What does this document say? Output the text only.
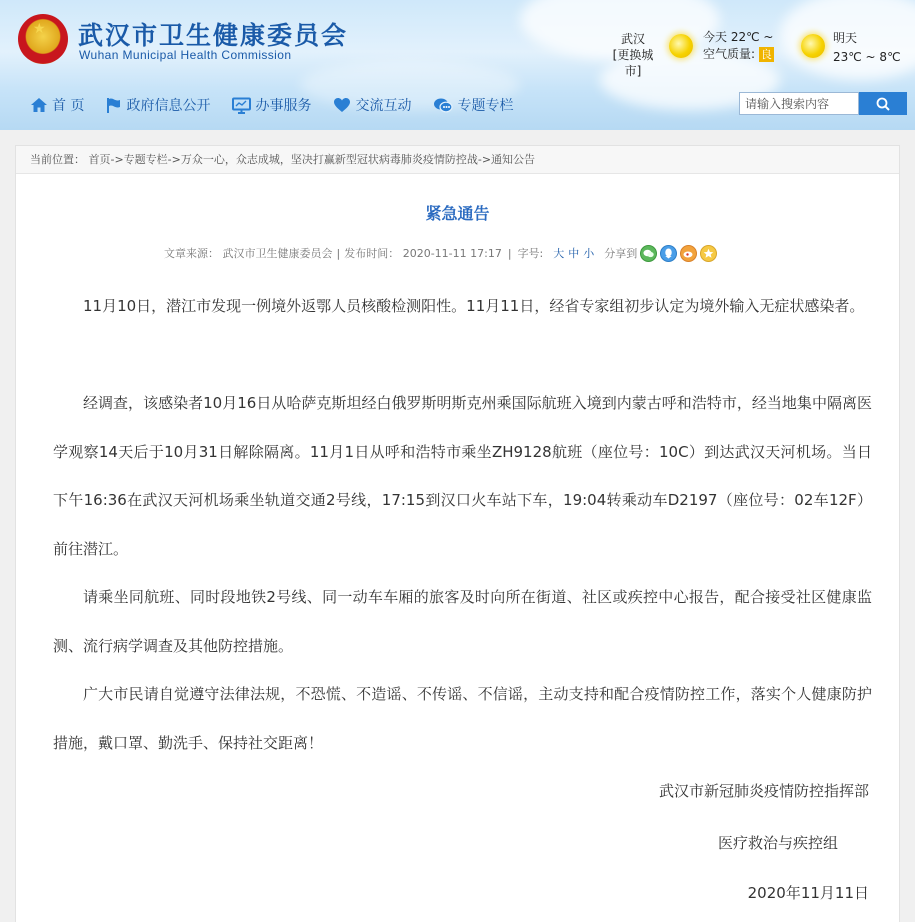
★ 武汉市卫生健康委员会
Wuhan Municipal Health Commission
武汉
[更换城市]
今天 22℃ ~
空气质量: 良
明天
23℃ ~ 8℃
首 页	政府信息公开	办事服务	交流互动	专题专栏
请输入搜索内容
当前位置： 首页->专题专栏->万众一心，众志成城，坚决打赢新型冠状病毒肺炎疫情防控战->通知公告
紧急通告
文章来源： 武汉市卫生健康委员会 | 发布时间： 2020-11-11 17:17 | 字号: 大 中 小 分享到
11月10日，潜江市发现一例境外返鄂人员核酸检测阳性。11月11日，经省专家组初步认定为境外输入无症状感染者。
经调查，该感染者10月16日从哈萨克斯坦经白俄罗斯明斯克州乘国际航班入境到内蒙古呼和浩特市，经当地集中隔离医学观察14天后于10月31日解除隔离。11月1日从呼和浩特市乘坐ZH9128航班（座位号：10C）到达武汉天河机场。当日下午16:36在武汉天河机场乘坐轨道交通2号线，17:15到汉口火车站下车，19:04转乘动车D2197（座位号：02车12F）前往潜江。
请乘坐同航班、同时段地铁2号线、同一动车车厢的旅客及时向所在街道、社区或疾控中心报告，配合接受社区健康监测、流行病学调查及其他防控措施。
广大市民请自觉遵守法律法规，不恐慌、不造谣、不传谣、不信谣，主动支持和配合疫情防控工作，落实个人健康防护措施，戴口罩、勤洗手、保持社交距离！
武汉市新冠肺炎疫情防控指挥部
医疗救治与疾控组
2020年11月11日
